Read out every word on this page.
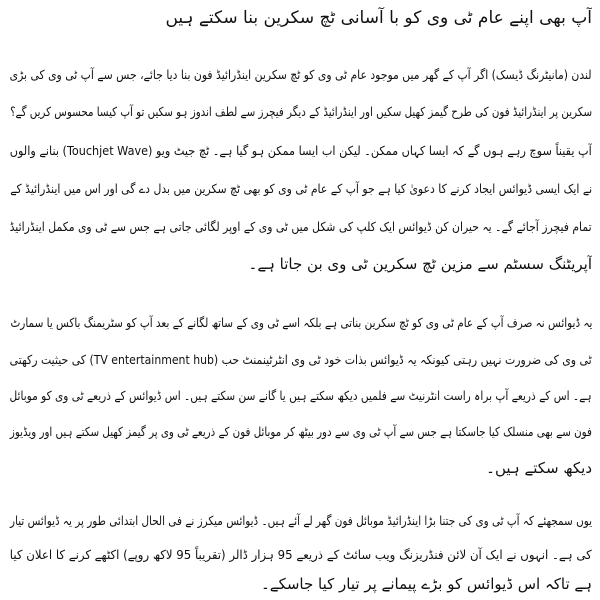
آپ بھی اپنے عام ٹی وی کو با آسانی ٹچ سکرین بنا سکتے ہیں
لندن (مانیٹرنگ ڈیسک) اگر آپ کے گھر میں موجود عام ٹی وی کو ٹچ سکرین اینڈرائیڈ فون بنا دیا جائے، جس سے آپ ٹی وی کی بڑی
سکرین پر اینڈرائیڈ فون کی طرح گیمز کھیل سکیں اور اینڈرائیڈ کے دیگر فیچرز سے لطف اندوز ہو سکیں تو آپ کیسا محسوس کریں گے؟
آپ یقیناً سوچ رہے ہوں گے کہ ایسا کہاں ممکن۔ لیکن اب ایسا ممکن ہو گیا ہے۔ ٹچ جیٹ ویو (Touchjet Wave) بنانے والوں
نے ایک ایسی ڈیوائس ایجاد کرنے کا دعویٰ کیا ہے جو آپ کے عام ٹی وی کو بھی ٹچ سکرین میں بدل دے گی اور اس میں اینڈرائیڈ کے
تمام فیچرز آجائے گے۔ یہ حیران کن ڈیوائس ایک کلپ کی شکل میں ٹی وی کے اوپر لگائی جاتی ہے جس سے ٹی وی مکمل اینڈرائیڈ
آپریٹنگ سسٹم سے مزین ٹچ سکرین ٹی وی بن جاتا ہے۔
یہ ڈیوائس نہ صرف آپ کے عام ٹی وی کو ٹچ سکرین بناتی ہے بلکہ اسے ٹی وی کے ساتھ لگانے کے بعد آپ کو سٹریمنگ باکس یا سمارٹ
ٹی وی کی ضرورت نہیں رہتی کیونکہ یہ ڈیوائس بذات خود ٹی وی انٹرٹینمنٹ حب (TV entertainment hub) کی حیثیت رکھتی
ہے۔ اس کے ذریعے آپ براہ راست انٹرنیٹ سے فلمیں دیکھ سکتے ہیں یا گانے سن سکتے ہیں۔ اس ڈیوائس کے ذریعے ٹی وی کو موبائل
فون سے بھی منسلک کیا جاسکتا ہے جس سے آپ ٹی وی سے دور بیٹھ کر موبائل فون کے ذریعے ٹی وی پر گیمز کھیل سکتے ہیں اور ویڈیوز
دیکھ سکتے ہیں۔
یوں سمجھئے کہ آپ ٹی وی کی جتنا بڑا اینڈرائیڈ موبائل فون گھر لے آئے ہیں۔ ڈیوائس میکرز نے فی الحال ابتدائی طور پر یہ ڈیوائس تیار
کی ہے۔ انہوں نے ایک آن لائن فنڈریزنگ ویب سائٹ کے ذریعے 95 ہزار ڈالر (تقریباً 95 لاکھ روپے) اکٹھے کرنے کا اعلان کیا
ہے تاکہ اس ڈیوائس کو بڑے پیمانے پر تیار کیا جاسکے۔
